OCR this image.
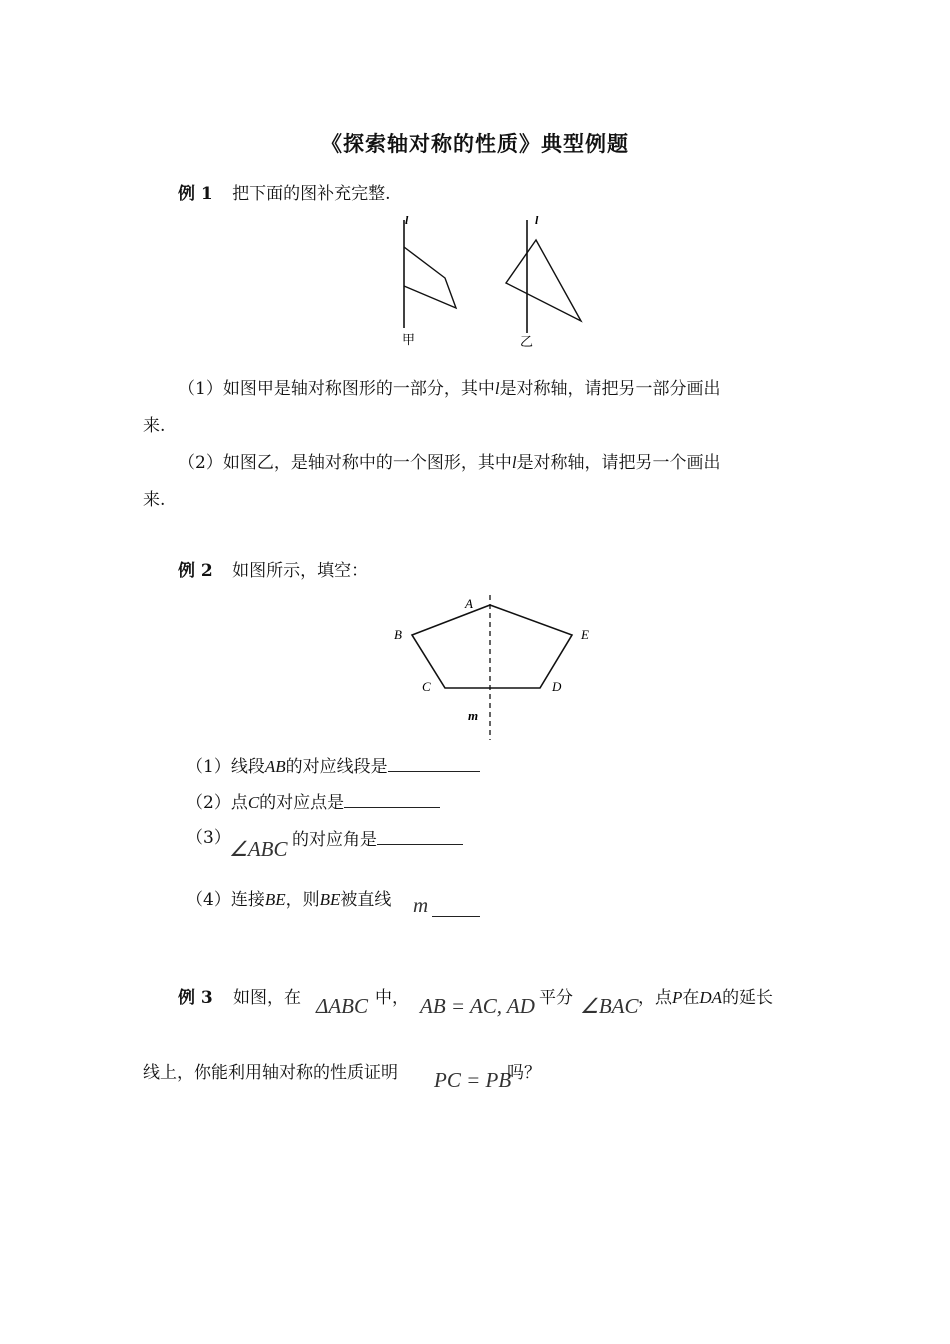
《探索轴对称的性质》典型例题
例 1 把下面的图补充完整.
l
甲
l
乙
（1）如图甲是轴对称图形的一部分，其中l是对称轴，请把另一部分画出
来.
（2）如图乙，是轴对称中的一个图形，其中l是对称轴，请把另一个画出
来.
例 2 如图所示，填空：
A
B
C	D
E
m
（1）线段AB的对应线段是
（2）点C的对应点是
（3）
∠ABC 的对应角是
（4）连接BE，则BE被直线 m
例 3 如图，在 ΔABC 中， AB = AC, AD 平分 ∠BAC ，点P在DA的延长
线上，你能利用轴对称的性质证明 PC = PB
吗？
